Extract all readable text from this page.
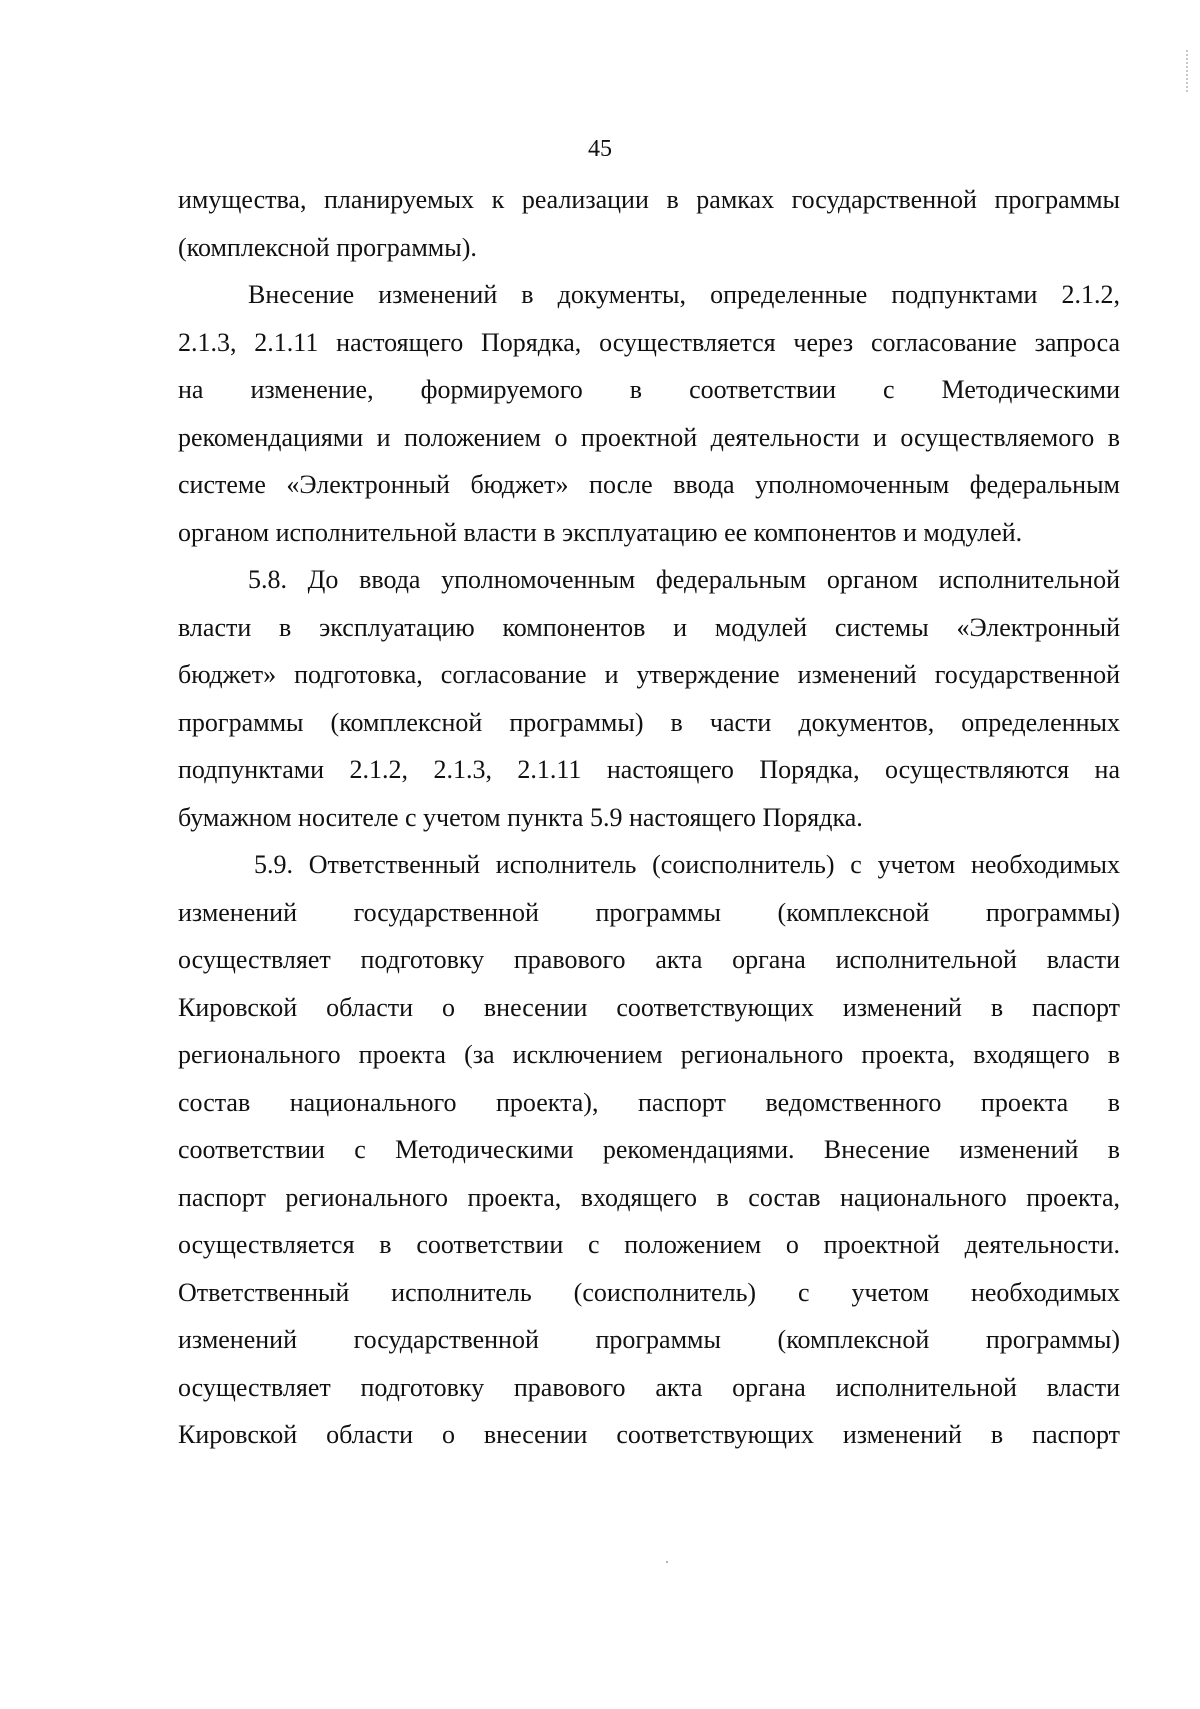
45
имущества, планируемых к реализации в рамках государственной программы
(комплексной программы).
Внесение изменений в документы, определенные подпунктами 2.1.2,
2.1.3, 2.1.11 настоящего Порядка, осуществляется через согласование запроса
на изменение, формируемого в соответствии с Методическими
рекомендациями и положением о проектной деятельности и осуществляемого в
системе «Электронный бюджет» после ввода уполномоченным федеральным
органом исполнительной власти в эксплуатацию ее компонентов и модулей.
5.8. До ввода уполномоченным федеральным органом исполнительной
власти в эксплуатацию компонентов и модулей системы «Электронный
бюджет» подготовка, согласование и утверждение изменений государственной
программы (комплексной программы) в части документов, определенных
подпунктами 2.1.2, 2.1.3, 2.1.11 настоящего Порядка, осуществляются на
бумажном носителе с учетом пункта 5.9 настоящего Порядка.
5.9. Ответственный исполнитель (соисполнитель) с учетом необходимых
изменений государственной программы (комплексной программы)
осуществляет подготовку правового акта органа исполнительной власти
Кировской области о внесении соответствующих изменений в паспорт
регионального проекта (за исключением регионального проекта, входящего в
состав национального проекта), паспорт ведомственного проекта в
соответствии с Методическими рекомендациями. Внесение изменений в
паспорт регионального проекта, входящего в состав национального проекта,
осуществляется в соответствии с положением о проектной деятельности.
Ответственный исполнитель (соисполнитель) с учетом необходимых
изменений государственной программы (комплексной программы)
осуществляет подготовку правового акта органа исполнительной власти
Кировской области о внесении соответствующих изменений в паспорт
